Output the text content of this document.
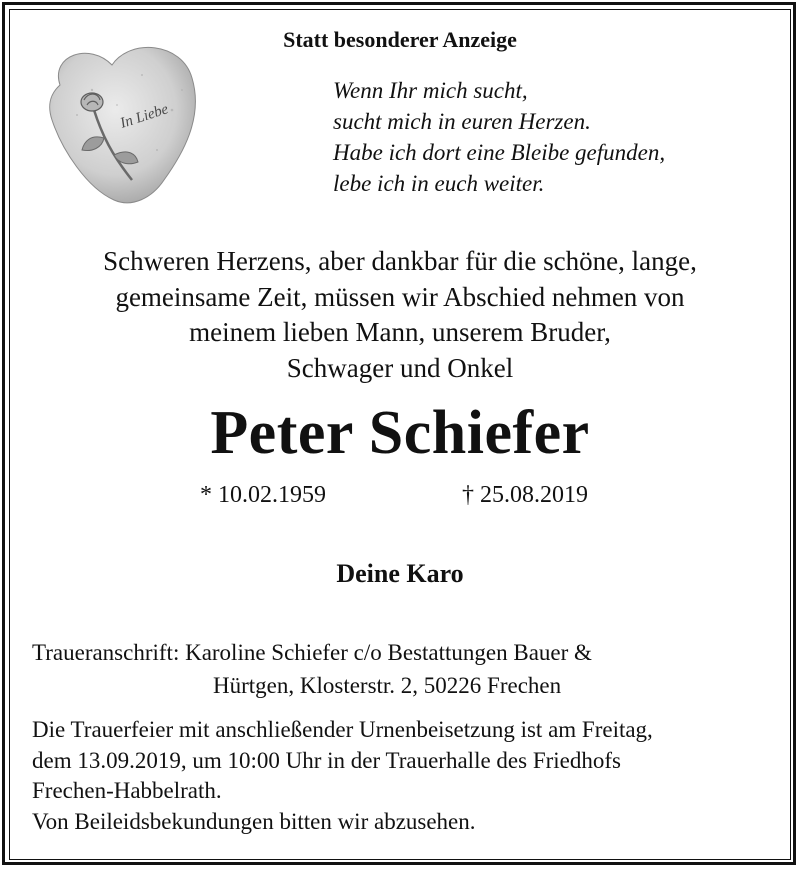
Statt besonderer Anzeige
In Liebe
Wenn Ihr mich sucht,
sucht mich in euren Herzen.
Habe ich dort eine Bleibe gefunden,
lebe ich in euch weiter.
Schweren Herzens, aber dankbar für die schöne, lange,
gemeinsame Zeit, müssen wir Abschied nehmen von
meinem lieben Mann, unserem Bruder,
Schwager und Onkel
Peter Schiefer
* 10.02.1959	† 25.08.2019
Deine Karo
Traueranschrift: Karoline Schiefer c/o Bestattungen Bauer &
Hürtgen, Klosterstr. 2, 50226 Frechen
Die Trauerfeier mit anschließender Urnenbeisetzung ist am Freitag,
dem 13.09.2019, um 10:00 Uhr in der Trauerhalle des Friedhofs
Frechen-Habbelrath.
Von Beileidsbekundungen bitten wir abzusehen.
